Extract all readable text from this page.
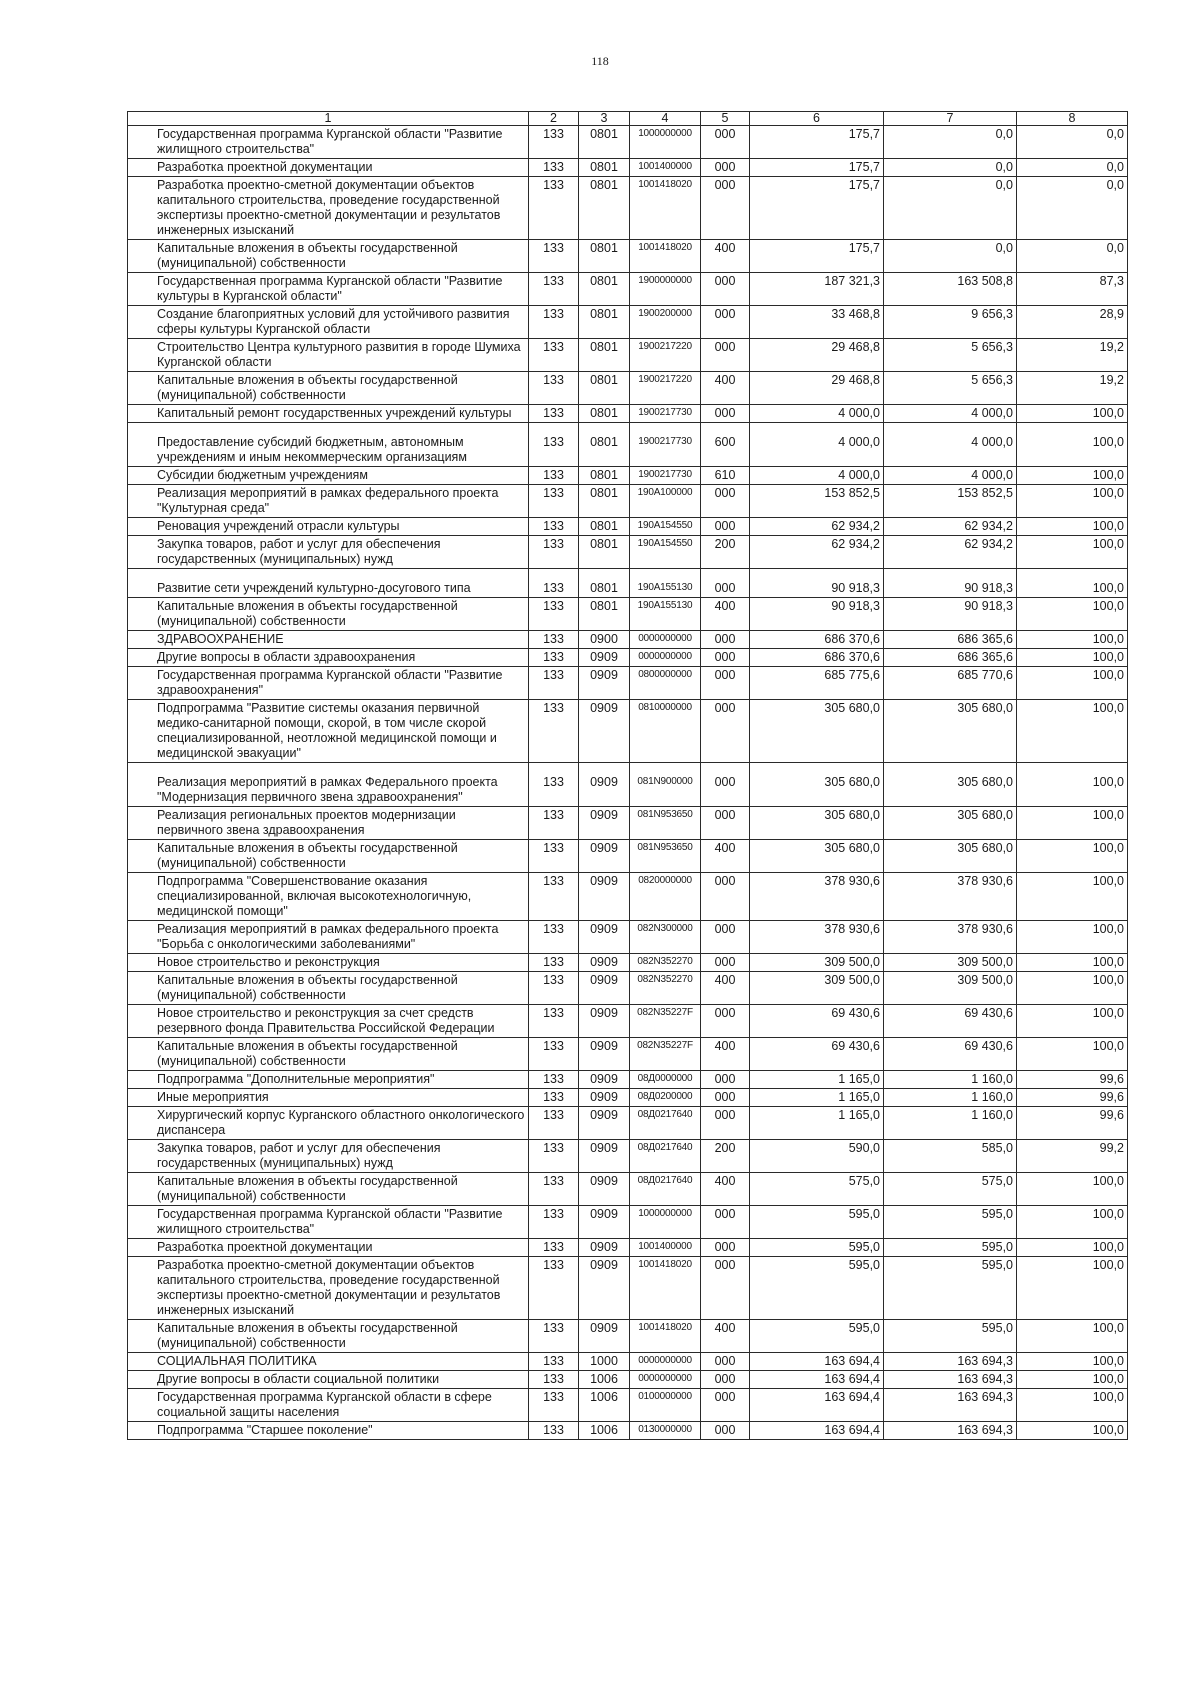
118
1	2	3	4	5	6	7	8

Государственная программа Курганской области "Развитие жилищного строительства"	133	0801	1000000000	000	175,7	0,0	0,0

Разработка проектной документации	133	0801	1001400000	000	175,7	0,0	0,0

Разработка проектно-сметной документации объектов капитального строительства, проведение государственной экспертизы проектно-сметной документации и результатов инженерных изысканий	133	0801	1001418020	000	175,7	0,0	0,0

Капитальные вложения в объекты государственной (муниципальной) собственности	133	0801	1001418020	400	175,7	0,0	0,0

Государственная программа Курганской области "Развитие культуры в Курганской области"	133	0801	1900000000	000	187 321,3	163 508,8	87,3

Создание благоприятных условий для устойчивого развития сферы культуры Курганской области	133	0801	1900200000	000	33 468,8	9 656,3	28,9

Строительство Центра культурного развития в городе Шумиха Курганской области	133	0801	1900217220	000	29 468,8	5 656,3	19,2

Капитальные вложения в объекты государственной (муниципальной) собственности	133	0801	1900217220	400	29 468,8	5 656,3	19,2

Капитальный ремонт государственных учреждений культуры	133	0801	1900217730	000	4 000,0	4 000,0	100,0

Предоставление субсидий бюджетным, автономным учреждениям и иным некоммерческим организациям	133	0801	1900217730	600	4 000,0	4 000,0	100,0

Субсидии бюджетным учреждениям	133	0801	1900217730	610	4 000,0	4 000,0	100,0

Реализация мероприятий в рамках федерального проекта "Культурная среда"	133	0801	190A100000	000	153 852,5	153 852,5	100,0

Реновация учреждений отрасли культуры	133	0801	190A154550	000	62 934,2	62 934,2	100,0

Закупка товаров, работ и услуг для обеспечения государственных (муниципальных) нужд	133	0801	190A154550	200	62 934,2	62 934,2	100,0

Развитие сети учреждений культурно-досугового типа	133	0801	190A155130	000	90 918,3	90 918,3	100,0

Капитальные вложения в объекты государственной (муниципальной) собственности	133	0801	190A155130	400	90 918,3	90 918,3	100,0

ЗДРАВООХРАНЕНИЕ	133	0900	0000000000	000	686 370,6	686 365,6	100,0

Другие вопросы в области здравоохранения	133	0909	0000000000	000	686 370,6	686 365,6	100,0

Государственная программа Курганской области "Развитие здравоохранения"	133	0909	0800000000	000	685 775,6	685 770,6	100,0

Подпрограмма "Развитие системы оказания первичной медико-санитарной помощи, скорой, в том числе скорой специализированной, неотложной медицинской помощи и медицинской эвакуации"	133	0909	0810000000	000	305 680,0	305 680,0	100,0

Реализация мероприятий в рамках Федерального проекта "Модернизация первичного звена здравоохранения"	133	0909	081N900000	000	305 680,0	305 680,0	100,0

Реализация региональных проектов модернизации первичного звена здравоохранения	133	0909	081N953650	000	305 680,0	305 680,0	100,0

Капитальные вложения в объекты государственной (муниципальной) собственности	133	0909	081N953650	400	305 680,0	305 680,0	100,0

Подпрограмма "Совершенствование оказания специализированной, включая высокотехнологичную, медицинской помощи"	133	0909	0820000000	000	378 930,6	378 930,6	100,0

Реализация мероприятий в рамках федерального проекта "Борьба с онкологическими заболеваниями"	133	0909	082N300000	000	378 930,6	378 930,6	100,0

Новое строительство и реконструкция	133	0909	082N352270	000	309 500,0	309 500,0	100,0

Капитальные вложения в объекты государственной (муниципальной) собственности	133	0909	082N352270	400	309 500,0	309 500,0	100,0

Новое строительство и реконструкция за счет средств резервного фонда Правительства Российской Федерации	133	0909	082N35227F	000	69 430,6	69 430,6	100,0

Капитальные вложения в объекты государственной (муниципальной) собственности	133	0909	082N35227F	400	69 430,6	69 430,6	100,0

Подпрограмма "Дополнительные мероприятия"	133	0909	08Д0000000	000	1 165,0	1 160,0	99,6

Иные мероприятия	133	0909	08Д0200000	000	1 165,0	1 160,0	99,6

Хирургический корпус Курганского областного онкологического диспансера	133	0909	08Д0217640	000	1 165,0	1 160,0	99,6

Закупка товаров, работ и услуг для обеспечения государственных (муниципальных) нужд	133	0909	08Д0217640	200	590,0	585,0	99,2

Капитальные вложения в объекты государственной (муниципальной) собственности	133	0909	08Д0217640	400	575,0	575,0	100,0

Государственная программа Курганской области "Развитие жилищного строительства"	133	0909	1000000000	000	595,0	595,0	100,0

Разработка проектной документации	133	0909	1001400000	000	595,0	595,0	100,0

Разработка проектно-сметной документации объектов капитального строительства, проведение государственной экспертизы проектно-сметной документации и результатов инженерных изысканий	133	0909	1001418020	000	595,0	595,0	100,0

Капитальные вложения в объекты государственной (муниципальной) собственности	133	0909	1001418020	400	595,0	595,0	100,0

СОЦИАЛЬНАЯ ПОЛИТИКА	133	1000	0000000000	000	163 694,4	163 694,3	100,0

Другие вопросы в области социальной политики	133	1006	0000000000	000	163 694,4	163 694,3	100,0

Государственная программа Курганской области в сфере социальной защиты населения	133	1006	0100000000	000	163 694,4	163 694,3	100,0

Подпрограмма "Старшее поколение"	133	1006	0130000000	000	163 694,4	163 694,3	100,0
